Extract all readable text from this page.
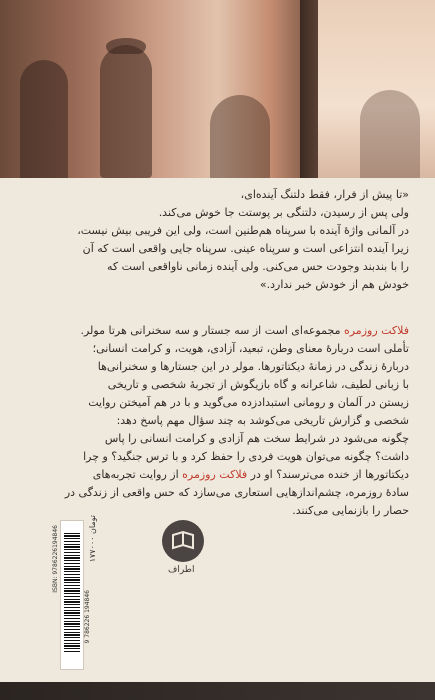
«تا پیش از فرار، فقط دلتنگ آینده‌ای،

ولی پس از رسیدن، دلتنگی بر پوستت جا خوش می‌کند.

در آلمانی واژهٔ آینده با سرپناه هم‌طنین است، ولی این فریبی بیش نیست،

زیرا آینده انتزاعی است و سرپناه عینی. سرپناه جایی واقعی است که آن

را با بندبند وجودت حس می‌کنی. ولی آینده زمانی ناواقعی است که

خودش هم از خودش خبر ندارد.»

فلاکت روزمره مجموعه‌ای است از سه جستار و سه سخنرانی هرتا مولر.

تأملی است دربارهٔ معنای وطن، تبعید، آزادی، هویت، و کرامت انسانی؛

دربارهٔ زندگی در زمانهٔ دیکتاتورها. مولر در این جستارها و سخنرانی‌ها

با زبانی لطیف، شاعرانه و گاه بازیگوش از تجربهٔ شخصی و تاریخی

زیستن در آلمان و رومانی استبدادزده می‌گوید و با در هم آمیختن روایت

شخصی و گزارش تاریخی می‌کوشد به چند سؤال مهم پاسخ دهد:

چگونه می‌شود در شرایط سخت هم آزادی و کرامت انسانی را پاس

داشت؟ چگونه می‌توان هویت فردی را حفظ کرد و با ترس جنگید؟ و چرا

دیکتاتورها از خنده می‌ترسند؟ او در فلاکت روزمره از روایت تجربه‌های

سادهٔ روزمره، چشم‌اندازهایی استعاری می‌سازد که حس واقعی از زندگی در

حصار را بازنمایی می‌کنند.

۱۷۷۰۰۰ تومان
ISBN: 9786226194846
9 786226 194846
اطراف
